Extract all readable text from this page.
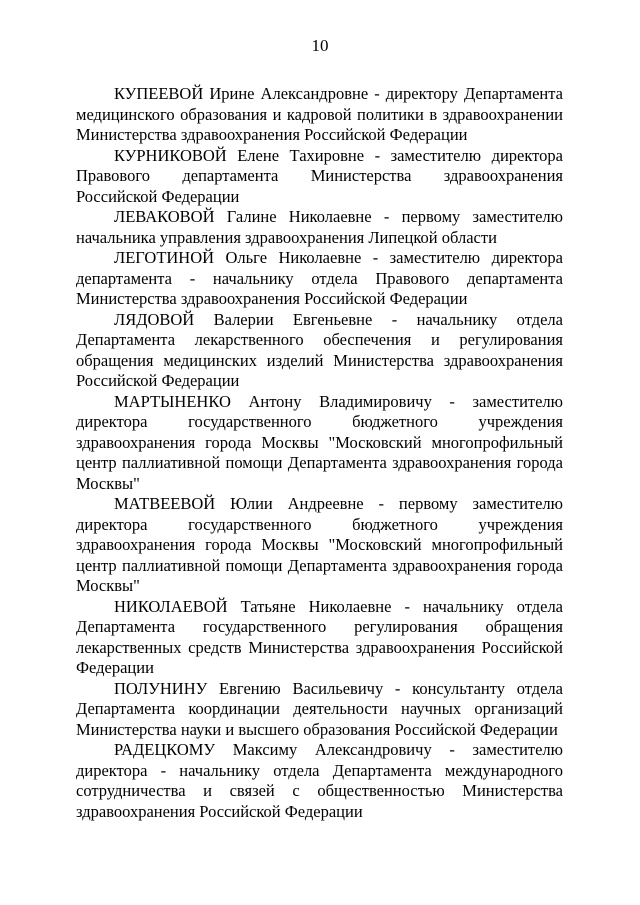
10

КУПЕЕВОЙ Ирине Александровне - директору Департамента медицинского образования и кадровой политики в здравоохранении Министерства здравоохранения Российской Федерации

КУРНИКОВОЙ Елене Тахировне - заместителю директора Правового департамента Министерства здравоохранения Российской Федерации

ЛЕВАКОВОЙ Галине Николаевне - первому заместителю начальника управления здравоохранения Липецкой области

ЛЕГОТИНОЙ Ольге Николаевне - заместителю директора департамента - начальнику отдела Правового департамента Министерства здравоохранения Российской Федерации

ЛЯДОВОЙ Валерии Евгеньевне - начальнику отдела Департамента лекарственного обеспечения и регулирования обращения медицинских изделий Министерства здравоохранения Российской Федерации

МАРТЫНЕНКО Антону Владимировичу - заместителю директора государственного бюджетного учреждения здравоохранения города Москвы "Московский многопрофильный центр паллиативной помощи Департамента здравоохранения города Москвы"

МАТВЕЕВОЙ Юлии Андреевне - первому заместителю директора государственного бюджетного учреждения здравоохранения города Москвы "Московский многопрофильный центр паллиативной помощи Департамента здравоохранения города Москвы"

НИКОЛАЕВОЙ Татьяне Николаевне - начальнику отдела Департамента государственного регулирования обращения лекарственных средств Министерства здравоохранения Российской Федерации

ПОЛУНИНУ Евгению Васильевичу - консультанту отдела Департамента координации деятельности научных организаций Министерства науки и высшего образования Российской Федерации

РАДЕЦКОМУ Максиму Александровичу - заместителю директора - начальнику отдела Департамента международного сотрудничества и связей с общественностью Министерства здравоохранения Российской Федерации
